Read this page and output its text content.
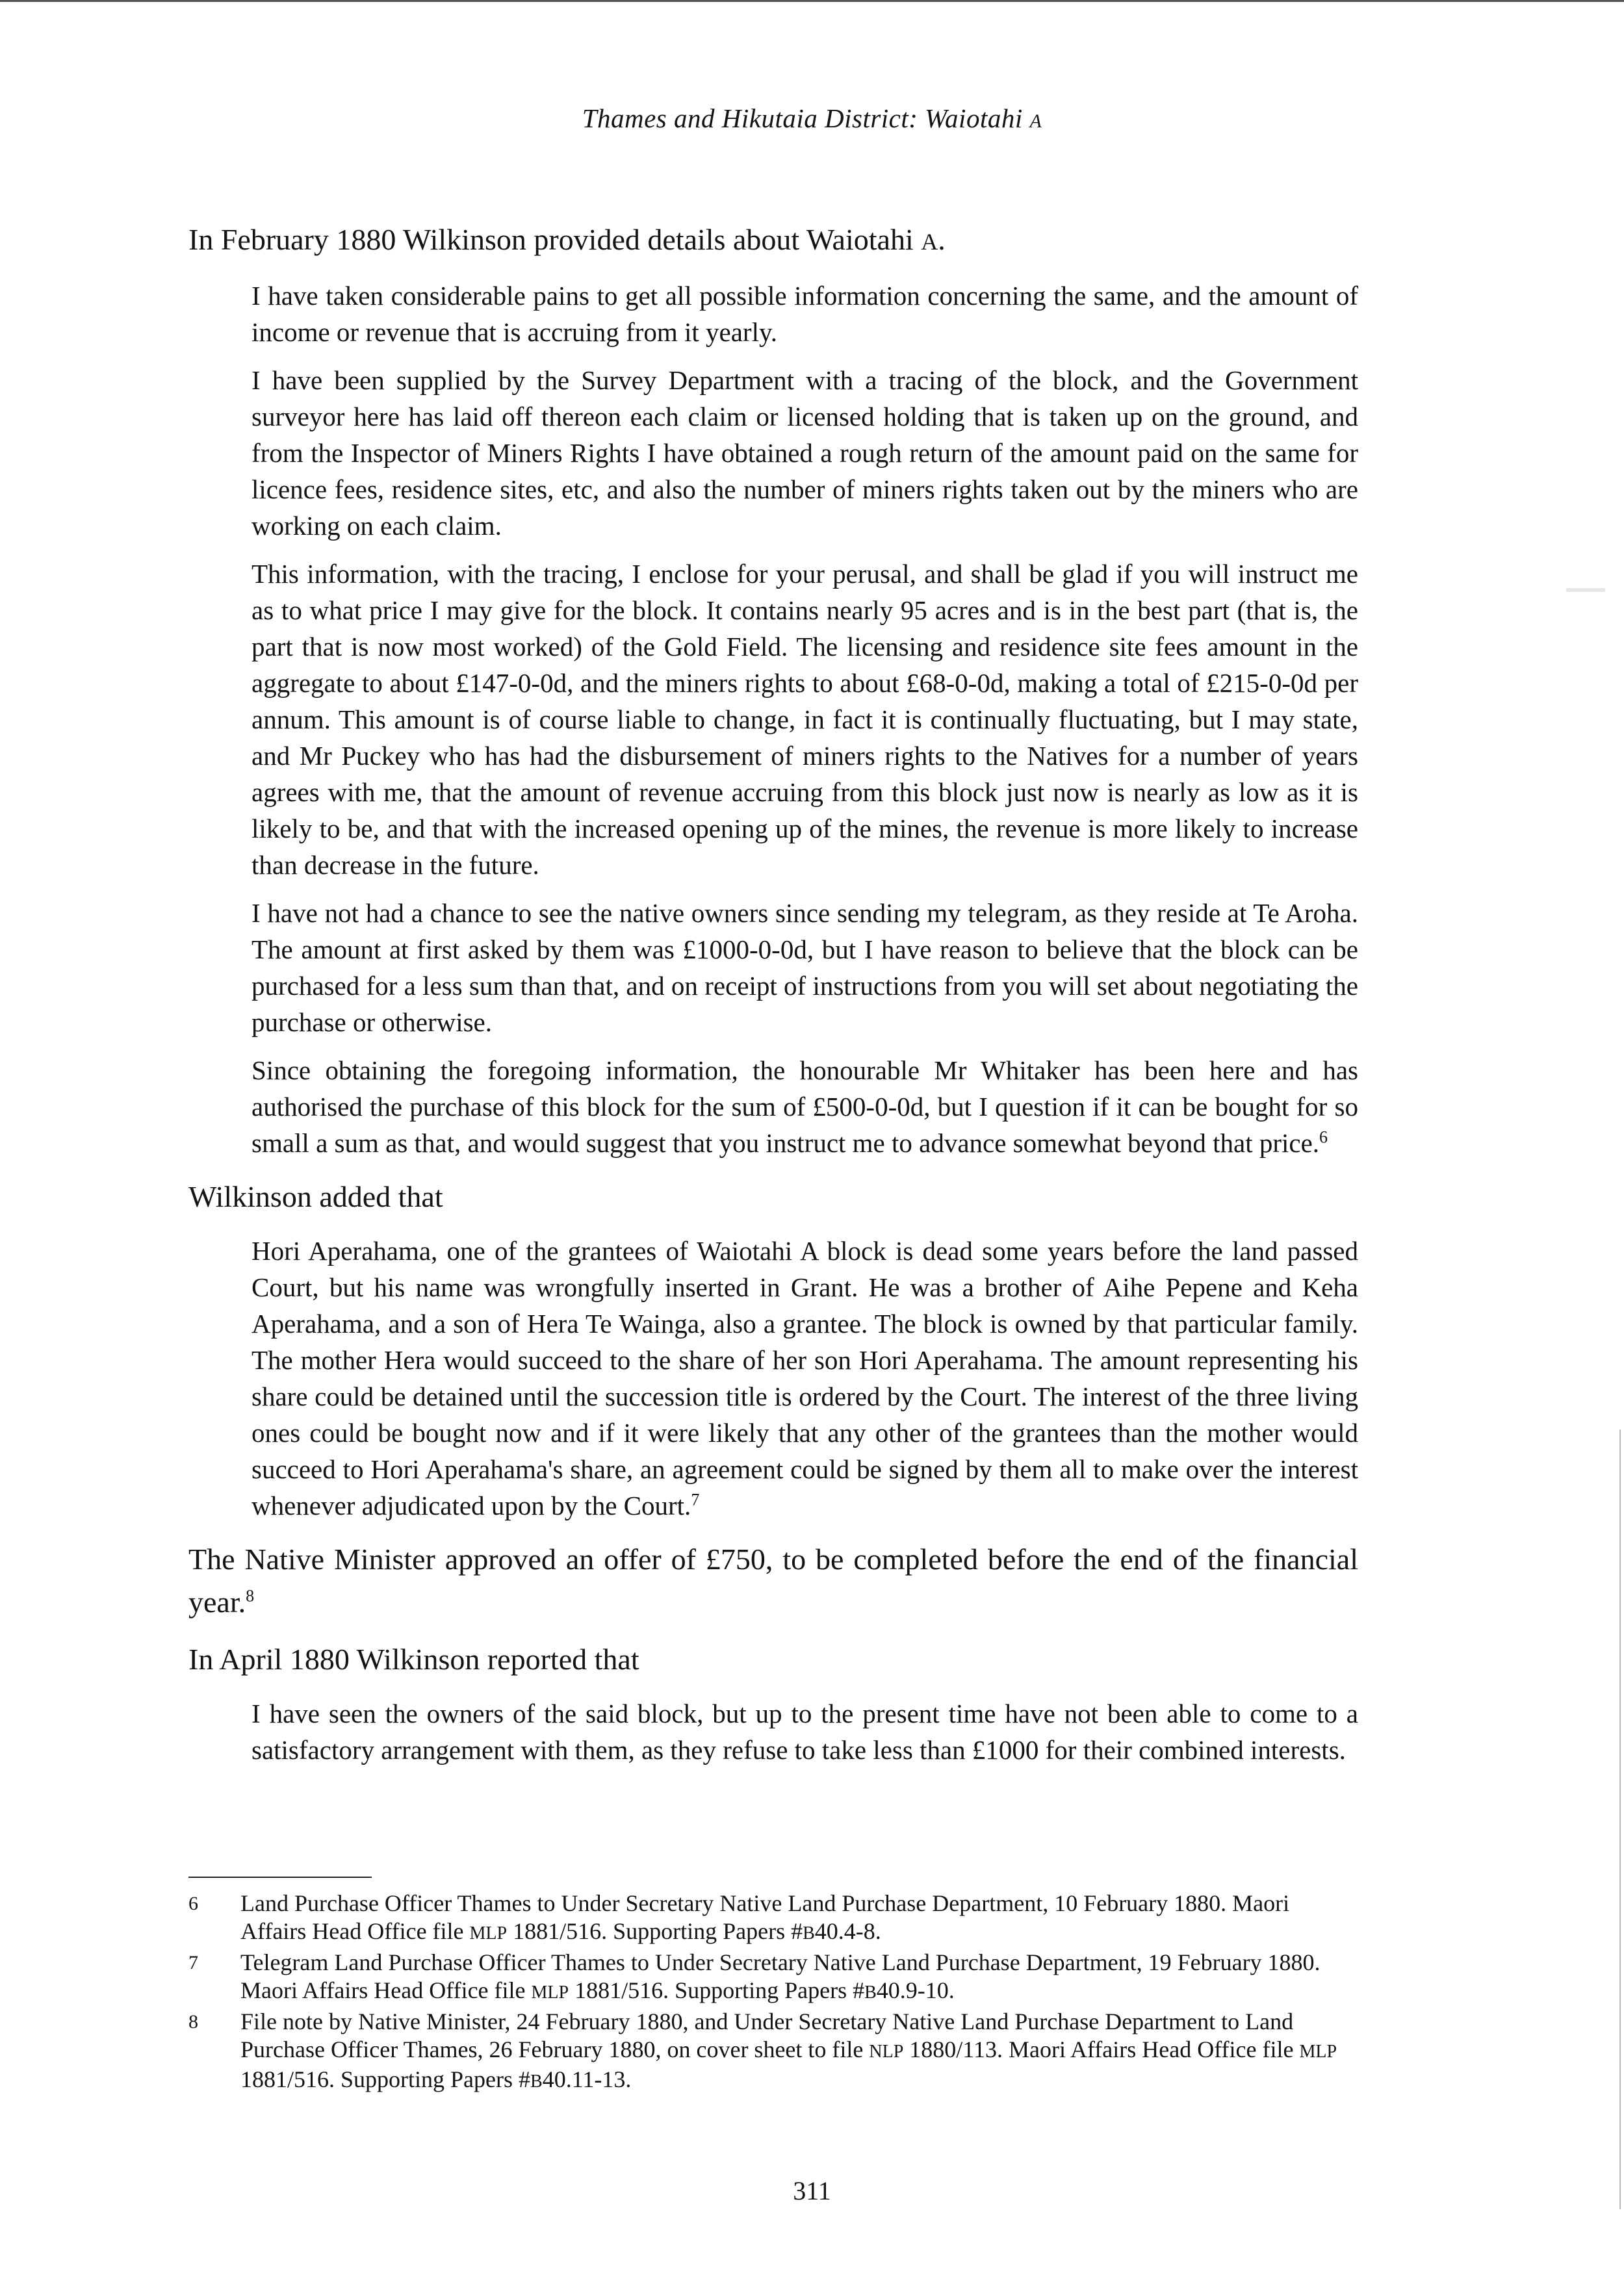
Thames and Hikutaia District: Waiotahi A

In February 1880 Wilkinson provided details about Waiotahi A.

I have taken considerable pains to get all possible information concerning the same, and the amount of income or revenue that is accruing from it yearly.

I have been supplied by the Survey Department with a tracing of the block, and the Government surveyor here has laid off thereon each claim or licensed holding that is taken up on the ground, and from the Inspector of Miners Rights I have obtained a rough return of the amount paid on the same for licence fees, residence sites, etc, and also the number of miners rights taken out by the miners who are working on each claim.

This information, with the tracing, I enclose for your perusal, and shall be glad if you will instruct me as to what price I may give for the block. It contains nearly 95 acres and is in the best part (that is, the part that is now most worked) of the Gold Field. The licensing and residence site fees amount in the aggregate to about £147-0-0d, and the miners rights to about £68-0-0d, making a total of £215-0-0d per annum. This amount is of course liable to change, in fact it is continually fluctuating, but I may state, and Mr Puckey who has had the disbursement of miners rights to the Natives for a number of years agrees with me, that the amount of revenue accruing from this block just now is nearly as low as it is likely to be, and that with the increased opening up of the mines, the revenue is more likely to increase than decrease in the future.

I have not had a chance to see the native owners since sending my telegram, as they reside at Te Aroha. The amount at first asked by them was £1000-0-0d, but I have reason to believe that the block can be purchased for a less sum than that, and on receipt of instructions from you will set about negotiating the purchase or otherwise.

Since obtaining the foregoing information, the honourable Mr Whitaker has been here and has authorised the purchase of this block for the sum of £500-0-0d, but I question if it can be bought for so small a sum as that, and would suggest that you instruct me to advance somewhat beyond that price.$^6$

Wilkinson added that

Hori Aperahama, one of the grantees of Waiotahi A block is dead some years before the land passed Court, but his name was wrongfully inserted in Grant. He was a brother of Aihe Pepene and Keha Aperahama, and a son of Hera Te Wainga, also a grantee. The block is owned by that particular family. The mother Hera would succeed to the share of her son Hori Aperahama. The amount representing his share could be detained until the succession title is ordered by the Court. The interest of the three living ones could be bought now and if it were likely that any other of the grantees than the mother would succeed to Hori Aperahama's share, an agreement could be signed by them all to make over the interest whenever adjudicated upon by the Court.$^7$

The Native Minister approved an offer of £750, to be completed before the end of the financial year.$^8$

In April 1880 Wilkinson reported that

I have seen the owners of the said block, but up to the present time have not been able to come to a satisfactory arrangement with them, as they refuse to take less than £1000 for their combined interests.

6	Land Purchase Officer Thames to Under Secretary Native Land Purchase Department, 10 February 1880. Maori Affairs Head Office file MLP 1881/516. Supporting Papers #B40.4-8.
7	Telegram Land Purchase Officer Thames to Under Secretary Native Land Purchase Department, 19 February 1880. Maori Affairs Head Office file MLP 1881/516. Supporting Papers #B40.9-10.
8	File note by Native Minister, 24 February 1880, and Under Secretary Native Land Purchase Department to Land Purchase Officer Thames, 26 February 1880, on cover sheet to file NLP 1880/113. Maori Affairs Head Office file MLP 1881/516. Supporting Papers #B40.11-13.
311
